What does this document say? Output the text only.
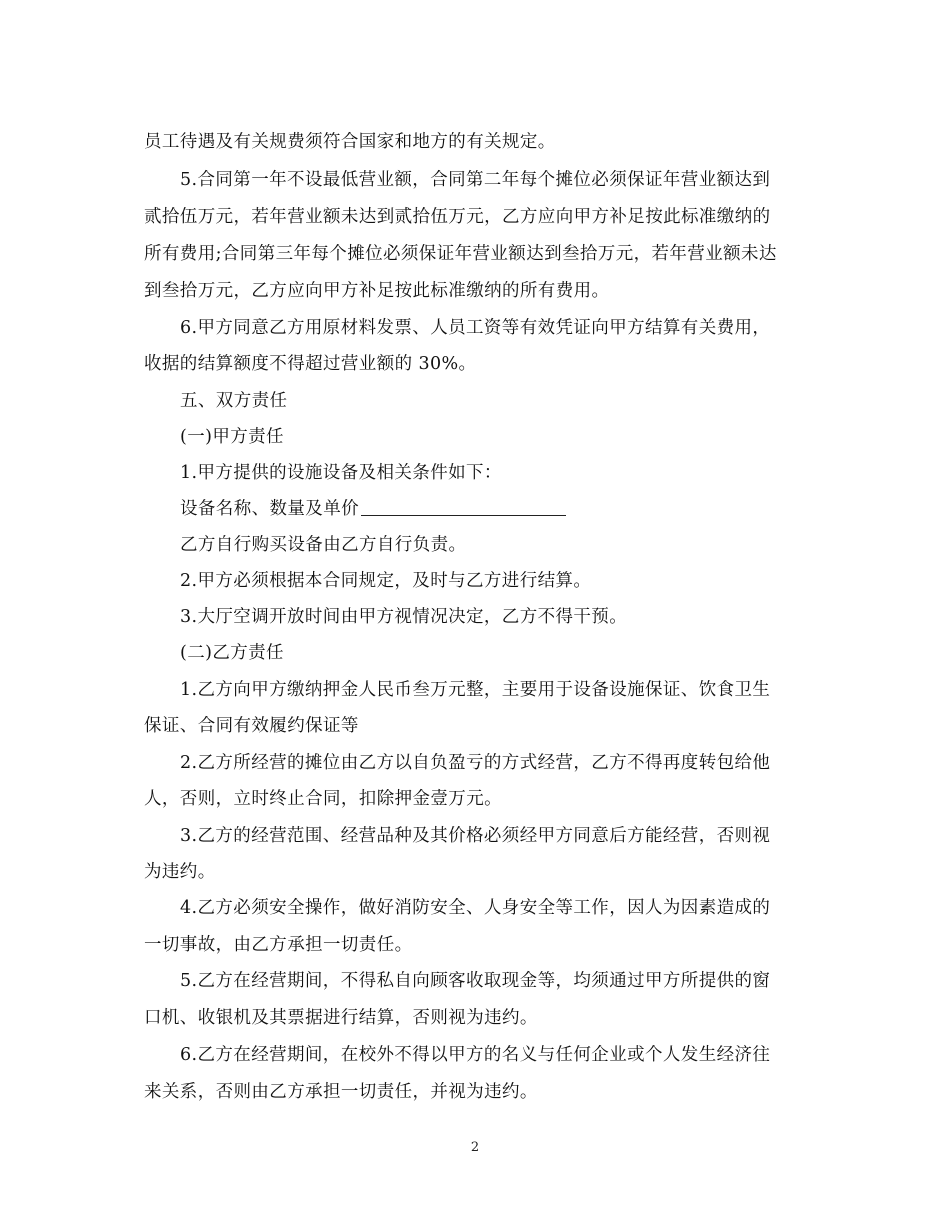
员工待遇及有关规费须符合国家和地方的有关规定。
5.合同第一年不设最低营业额，合同第二年每个摊位必须保证年营业额达到
贰拾伍万元，若年营业额未达到贰拾伍万元，乙方应向甲方补足按此标准缴纳的
所有费用;合同第三年每个摊位必须保证年营业额达到叁拾万元，若年营业额未达
到叁拾万元，乙方应向甲方补足按此标准缴纳的所有费用。
6.甲方同意乙方用原材料发票、人员工资等有效凭证向甲方结算有关费用，
收据的结算额度不得超过营业额的 30%。
五、双方责任
(一)甲方责任
1.甲方提供的设施设备及相关条件如下：
设备名称、数量及单价
乙方自行购买设备由乙方自行负责。
2.甲方必须根据本合同规定，及时与乙方进行结算。
3.大厅空调开放时间由甲方视情况决定，乙方不得干预。
(二)乙方责任
1.乙方向甲方缴纳押金人民币叁万元整，主要用于设备设施保证、饮食卫生
保证、合同有效履约保证等
2.乙方所经营的摊位由乙方以自负盈亏的方式经营，乙方不得再度转包给他
人，否则，立时终止合同，扣除押金壹万元。
3.乙方的经营范围、经营品种及其价格必须经甲方同意后方能经营，否则视
为违约。
4.乙方必须安全操作，做好消防安全、人身安全等工作，因人为因素造成的
一切事故，由乙方承担一切责任。
5.乙方在经营期间，不得私自向顾客收取现金等，均须通过甲方所提供的窗
口机、收银机及其票据进行结算，否则视为违约。
6.乙方在经营期间，在校外不得以甲方的名义与任何企业或个人发生经济往
来关系，否则由乙方承担一切责任，并视为违约。
2
